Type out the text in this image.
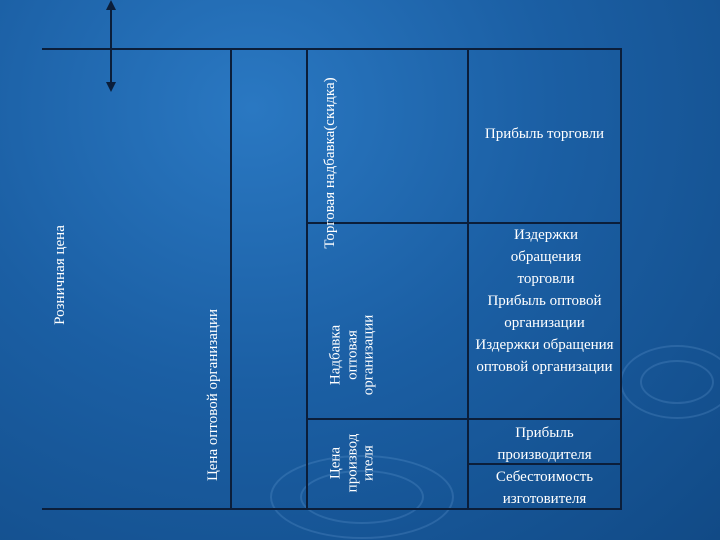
Розничная цена
Цена оптовой организации
Торговая надбавка(скидка)
Надбавка
оптовая
организации
Цена
производ
ителя
Прибыль торговли
Издержки обращения торговли
Прибыль оптовой организации
Издержки обращения оптовой организации
Прибыль производителя
Себестоимость изготовителя
